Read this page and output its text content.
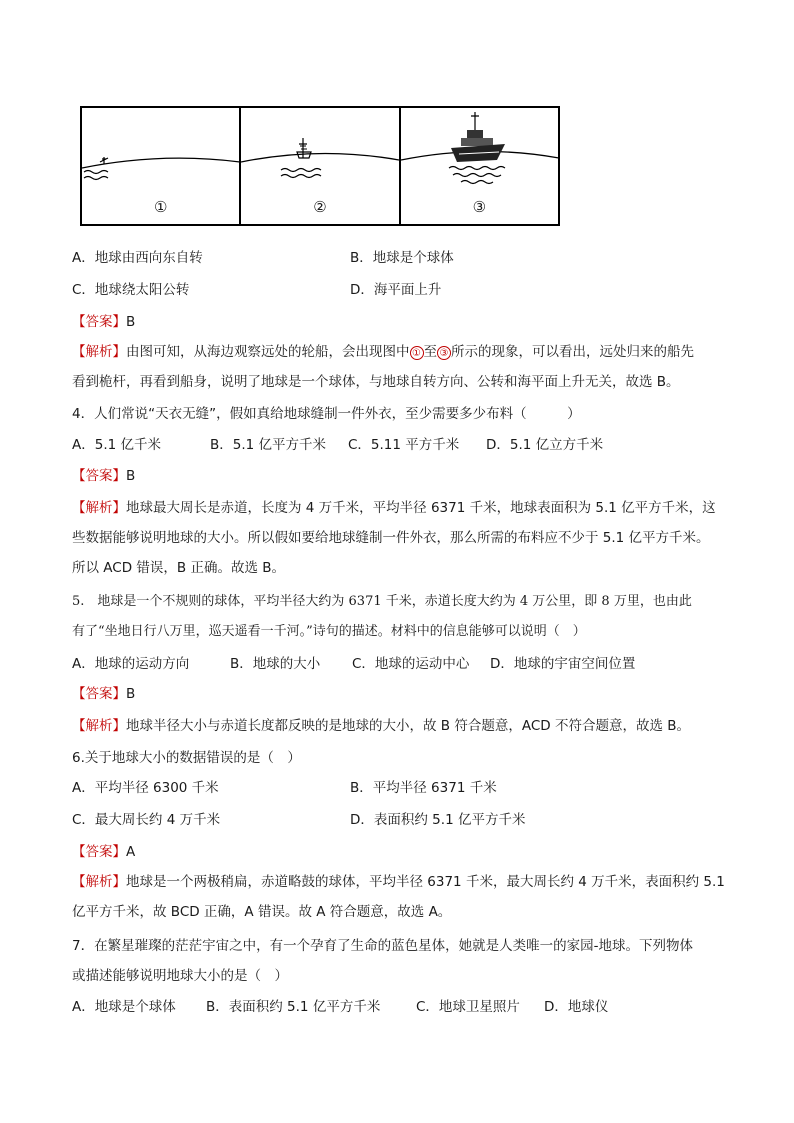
①	②	③
A．地球由西向东自转	B．地球是个球体
C．地球绕太阳公转	D．海平面上升
【答案】B
【解析】由图可知，从海边观察远处的轮船，会出现图中 ① 至 ③ 所示的现象，可以看出，远处归来的船先
看到桅杆，再看到船身，说明了地球是一个球体，与地球自转方向、公转和海平面上升无关，故选 B。
4．人们常说“天衣无缝”，假如真给地球缝制一件外衣，至少需要多少布料（　　　）
A．5.1 亿千米	B．5.1 亿平方千米 C．5.11 平方千米 D．5.1 亿立方千米
【答案】B
【解析】地球最大周长是赤道，长度为 4 万千米，平均半径 6371 千米，地球表面积为 5.1 亿平方千米，这
些数据能够说明地球的大小。所以假如要给地球缝制一件外衣，那么所需的布料应不少于 5.1 亿平方千米。
所以 ACD 错误，B 正确。故选 B。
5.　地球是一个不规则的球体，平均半径大约为 6371 千米，赤道长度大约为 4 万公里，即 8 万里，也由此
有了“坐地日行八万里，巡天遥看一千河。”诗句的描述。材料中的信息能够可以说明（　）
A．地球的运动方向	B．地球的大小 C．地球的运动中心 D．地球的宇宙空间位置
【答案】B
【解析】地球半径大小与赤道长度都反映的是地球的大小，故 B 符合题意，ACD 不符合题意，故选 B。
6.关于地球大小的数据错误的是（　）
A．平均半径 6300 千米	B．平均半径 6371 千米
C．最大周长约 4 万千米	D．表面积约 5.1 亿平方千米
【答案】A
【解析】地球是一个两极稍扁，赤道略鼓的球体，平均半径 6371 千米，最大周长约 4 万千米，表面积约 5.1
亿平方千米，故 BCD 正确，A 错误。故 A 符合题意，故选 A。
7．在繁星璀璨的茫茫宇宙之中，有一个孕育了生命的蓝色星体，她就是人类唯一的家园-地球。下列物体
或描述能够说明地球大小的是（　）
A．地球是个球体 B．表面积约 5.1 亿平方千米	C．地球卫星照片 D．地球仪
